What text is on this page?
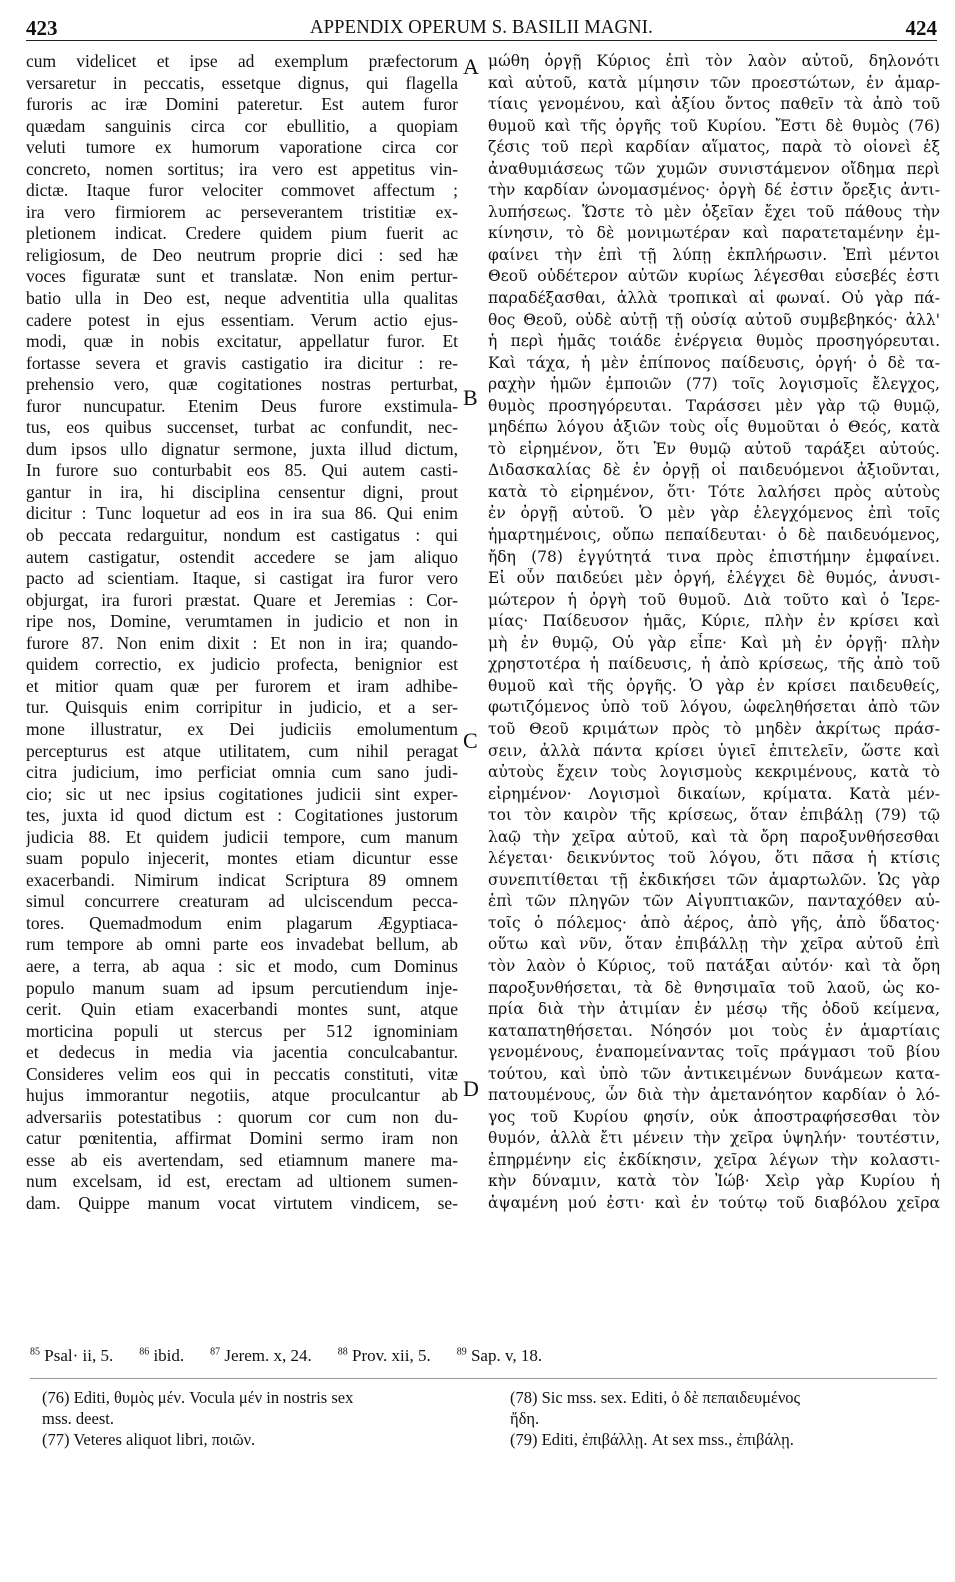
423	APPENDIX OPERUM S. BASILII MAGNI.	424
cum videlicet et ipse ad exemplum præfectorum
versaretur in peccatis, essetque dignus, qui flagella
furoris ac iræ Domini pateretur. Est autem furor
quædam sanguinis circa cor ebullitio, a quopiam
veluti tumore ex humorum vaporatione circa cor
concreto, nomen sortitus; ira vero est appetitus vin-
dictæ. Itaque furor velociter commovet affectum ;
ira vero firmiorem ac perseverantem tristitiæ ex-
pletionem indicat. Credere quidem pium fuerit ac
religiosum, de Deo neutrum proprie dici : sed hæ
voces figuratæ sunt et translatæ. Non enim pertur-
batio ulla in Deo est, neque adventitia ulla qualitas
cadere potest in ejus essentiam. Verum actio ejus-
modi, quæ in nobis excitatur, appellatur furor. Et
fortasse severa et gravis castigatio ira dicitur : re-
prehensio vero, quæ cogitationes nostras perturbat,
furor nuncupatur. Etenim Deus furore exstimula-
tus, eos quibus succenset, turbat ac confundit, nec-
dum ipsos ullo dignatur sermone, juxta illud dictum,
In furore suo conturbabit eos 85. Qui autem casti-
gantur in ira, hi disciplina censentur digni, prout
dicitur : Tunc loquetur ad eos in ira sua 86. Qui enim
ob peccata redarguitur, nondum est castigatus : qui
autem castigatur, ostendit accedere se jam aliquo
pacto ad scientiam. Itaque, si castigat ira furor vero
objurgat, ira furori præstat. Quare et Jeremias : Cor-
ripe nos, Domine, verumtamen in judicio et non in
furore 87. Non enim dixit : Et non in ira; quando-
quidem correctio, ex judicio profecta, benignior est
et mitior quam quæ per furorem et iram adhibe-
tur. Quisquis enim corripitur in judicio, et a ser-
mone illustratur, ex Dei judiciis emolumentum
percepturus est atque utilitatem, cum nihil peragat
citra judicium, imo perficiat omnia cum sano judi-
cio; sic ut nec ipsius cogitationes judicii sint exper-
tes, juxta id quod dictum est : Cogitationes justorum
judicia 88. Et quidem judicii tempore, cum manum
suam populo injecerit, montes etiam dicuntur esse
exacerbandi. Nimirum indicat Scriptura 89 omnem
simul concurrere creaturam ad ulciscendum pecca-
tores. Quemadmodum enim plagarum Ægyptiaca-
rum tempore ab omni parte eos invadebat bellum, ab
aere, a terra, ab aqua : sic et modo, cum Dominus
populo manum suam ad ipsum percutiendum inje-
cerit. Quin etiam exacerbandi montes sunt, atque
morticina populi ut stercus per 512 ignominiam
et dedecus in media via jacentia conculcabantur.
Consideres velim eos qui in peccatis constituti, vitæ
hujus immorantur negotiis, atque proculcantur ab
adversariis potestatibus : quorum cor cum non du-
catur pœnitentia, affirmat Domini sermo iram non
esse ab eis avertendam, sed etiamnum manere ma-
num excelsam, id est, erectam ad ultionem sumen-
dam. Quippe manum vocat virtutem vindicem, se-
μώθη ὀργῇ Κύριος ἐπὶ τὸν λαὸν αὐτοῦ, δηλονότι
καὶ αὐτοῦ, κατὰ μίμησιν τῶν προεστώτων, ἐν ἁμαρ-
τίαις γενομένου, καὶ ἀξίου ὄντος παθεῖν τὰ ἀπὸ τοῦ
θυμοῦ καὶ τῆς ὀργῆς τοῦ Κυρίου. Ἔστι δὲ θυμὸς (76)
ζέσις τοῦ περὶ καρδίαν αἵματος, παρὰ τὸ οἱονεὶ ἐξ
ἀναθυμιάσεως τῶν χυμῶν συνιστάμενον οἴδημα περὶ
τὴν καρδίαν ὠνομασμένος· ὀργὴ δέ ἐστιν ὄρεξις ἀντι-
λυπήσεως. Ὥστε τὸ μὲν ὀξεῖαν ἔχει τοῦ πάθους τὴν
κίνησιν, τὸ δὲ μονιμωτέραν καὶ παρατεταμένην ἐμ-
φαίνει τὴν ἐπὶ τῇ λύπῃ ἐκπλήρωσιν. Ἐπὶ μέντοι
Θεοῦ οὐδέτερον αὐτῶν κυρίως λέγεσθαι εὐσεβές ἐστι
παραδέξασθαι, ἀλλὰ τροπικαὶ αἱ φωναί. Οὐ γὰρ πά-
θος Θεοῦ, οὐδὲ αὐτῇ τῇ οὐσίᾳ αὐτοῦ συμβεβηκός· ἀλλ'
ἡ περὶ ἡμᾶς τοιάδε ἐνέργεια θυμὸς προσηγόρευται.
Καὶ τάχα, ἡ μὲν ἐπίπονος παίδευσις, ὀργή· ὁ δὲ τα-
ραχὴν ἡμῶν ἐμποιῶν (77) τοῖς λογισμοῖς ἔλεγχος,
θυμὸς προσηγόρευται. Ταράσσει μὲν γὰρ τῷ θυμῷ,
μηδέπω λόγου ἀξιῶν τοὺς οἷς θυμοῦται ὁ Θεός, κατὰ
τὸ εἰρημένον, ὅτι Ἐν θυμῷ αὐτοῦ ταράξει αὐτούς.
Διδασκαλίας δὲ ἐν ὀργῇ οἱ παιδευόμενοι ἀξιοῦνται,
κατὰ τὸ εἰρημένον, ὅτι· Τότε λαλήσει πρὸς αὐτοὺς
ἐν ὀργῇ αὐτοῦ. Ὁ μὲν γὰρ ἐλεγχόμενος ἐπὶ τοῖς
ἡμαρτημένοις, οὔπω πεπαίδευται· ὁ δὲ παιδευόμενος,
ἤδη (78) ἐγγύτητά τινα πρὸς ἐπιστήμην ἐμφαίνει.
Εἰ οὖν παιδεύει μὲν ὀργή, ἐλέγχει δὲ θυμός, ἀνυσι-
μώτερον ἡ ὀργὴ τοῦ θυμοῦ. Διὰ τοῦτο καὶ ὁ Ἱερε-
μίας· Παίδευσον ἡμᾶς, Κύριε, πλὴν ἐν κρίσει καὶ
μὴ ἐν θυμῷ, Οὐ γὰρ εἶπε· Καὶ μὴ ἐν ὀργῇ· πλὴν
χρηστοτέρα ἡ παίδευσις, ἡ ἀπὸ κρίσεως, τῆς ἀπὸ τοῦ
θυμοῦ καὶ τῆς ὀργῆς. Ὁ γὰρ ἐν κρίσει παιδευθείς,
φωτιζόμενος ὑπὸ τοῦ λόγου, ὠφεληθήσεται ἀπὸ τῶν
τοῦ Θεοῦ κριμάτων πρὸς τὸ μηδὲν ἀκρίτως πράσ-
σειν, ἀλλὰ πάντα κρίσει ὑγιεῖ ἐπιτελεῖν, ὥστε καὶ
αὐτοὺς ἔχειν τοὺς λογισμοὺς κεκριμένους, κατὰ τὸ
εἰρημένον· Λογισμοὶ δικαίων, κρίματα. Κατὰ μέν-
τοι τὸν καιρὸν τῆς κρίσεως, ὅταν ἐπιβάλῃ (79) τῷ
λαῷ τὴν χεῖρα αὐτοῦ, καὶ τὰ ὄρη παροξυνθήσεσθαι
λέγεται· δεικνύντος τοῦ λόγου, ὅτι πᾶσα ἡ κτίσις
συνεπιτίθεται τῇ ἐκδικήσει τῶν ἁμαρτωλῶν. Ὡς γὰρ
ἐπὶ τῶν πληγῶν τῶν Αἰγυπτιακῶν, πανταχόθεν αὐ-
τοῖς ὁ πόλεμος· ἀπὸ ἀέρος, ἀπὸ γῆς, ἀπὸ ὕδατος·
οὕτω καὶ νῦν, ὅταν ἐπιβάλλῃ τὴν χεῖρα αὐτοῦ ἐπὶ
τὸν λαὸν ὁ Κύριος, τοῦ πατάξαι αὐτόν· καὶ τὰ ὄρη
παροξυνθήσεται, τὰ δὲ θνησιμαῖα τοῦ λαοῦ, ὡς κο-
πρία διὰ τὴν ἀτιμίαν ἐν μέσῳ τῆς ὁδοῦ κείμενα,
καταπατηθήσεται. Νόησόν μοι τοὺς ἐν ἁμαρτίαις
γενομένους, ἐναπομείναντας τοῖς πράγμασι τοῦ βίου
τούτου, καὶ ὑπὸ τῶν ἀντικειμένων δυνάμεων κατα-
πατουμένους, ὧν διὰ τὴν ἀμετανόητον καρδίαν ὁ λό-
γος τοῦ Κυρίου φησίν, οὐκ ἀποστραφήσεσθαι τὸν
θυμόν, ἀλλὰ ἔτι μένειν τὴν χεῖρα ὑψηλήν· τουτέστιν,
ἐπηρμένην εἰς ἐκδίκησιν, χεῖρα λέγων τὴν κολαστι-
κὴν δύναμιν, κατὰ τὸν Ἰώβ· Χεὶρ γὰρ Κυρίου ἡ
ἁψαμένη μού ἐστι· καὶ ἐν τούτῳ τοῦ διαβόλου χεῖρα
A
B
C
D
$^{85}$ Psal· ii, 5.	$^{86}$ ibid.	$^{87}$ Jerem. x, 24.	$^{88}$ Prov. xii, 5.	$^{89}$ Sap. v, 18.
(76) Editi, θυμὸς μέν. Vocula μέν in nostris sex
mss. deest.
(77) Veteres aliquot libri, ποιῶν.
(78) Sic mss. sex. Editi, ὁ δὲ πεπαιδευμένος
ἤδη.
(79) Editi, ἐπιβάλλῃ. At sex mss., ἐπιβάλῃ.
